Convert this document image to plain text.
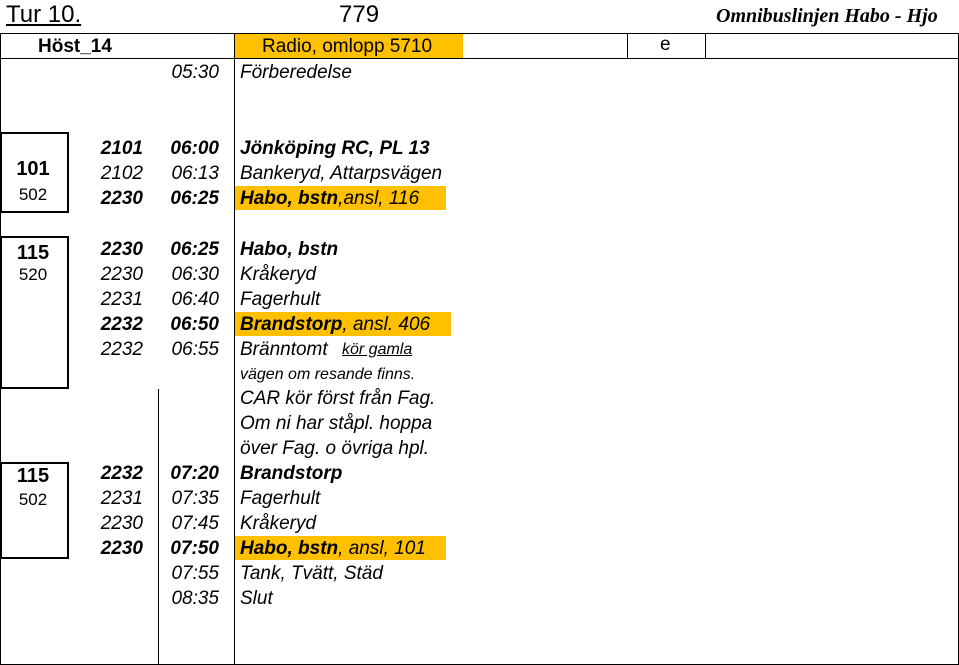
Tur 10.	779	Omnibuslinjen Habo - Hjo
Höst_14	Radio, omlopp 5710	e
05:30 Förberedelse
101
502
2101	06:00 Jönköping RC, PL 13
2102	06:13 Bankeryd, Attarpsvägen
2230	06:25 Habo, bstn,ansl, 116
115
520
2230	06:25 Habo, bstn
2230	06:30 Kråkeryd
2231	06:40 Fagerhult
2232	06:50 Brandstorp, ansl. 406
2232	06:55 Bränntomt kör gamla
vägen om resande finns.
CAR kör först från Fag.
Om ni har ståpl. hoppa
över Fag. o övriga hpl.
115
502
2232	07:20 Brandstorp
2231	07:35 Fagerhult
2230	07:45 Kråkeryd
2230	07:50 Habo, bstn, ansl, 101
07:55 Tank, Tvätt, Städ
08:35 Slut
